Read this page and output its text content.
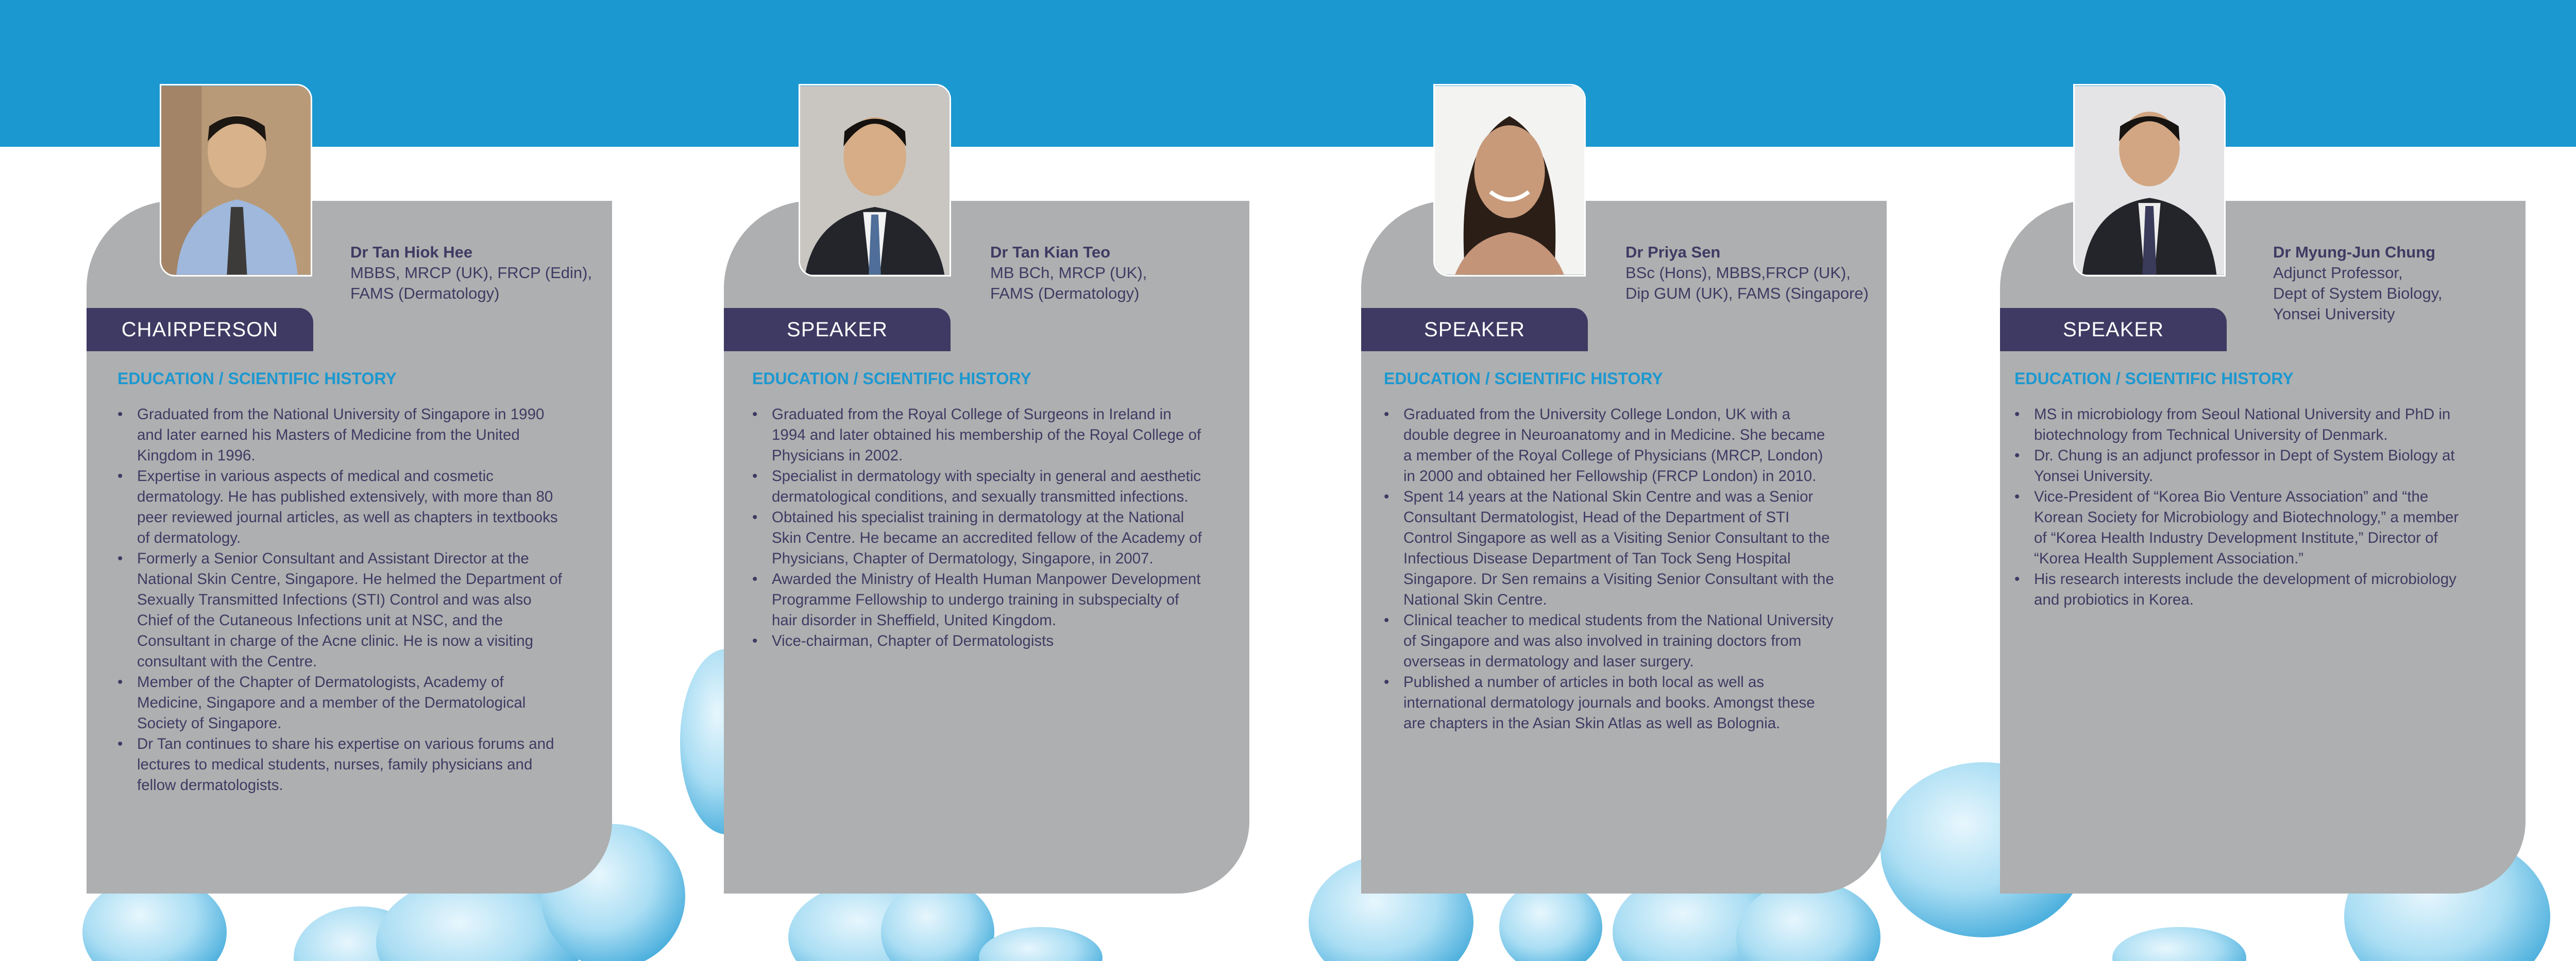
Dr Tan Hiok Hee
MBBS, MRCP (UK), FRCP (Edin),
FAMS (Dermatology)
CHAIRPERSON
EDUCATION / SCIENTIFIC HISTORY
• Graduated from the National University of Singapore in 1990 and later earned his Masters of Medicine from the United Kingdom in 1996.
• Expertise in various aspects of medical and cosmetic dermatology. He has published extensively, with more than 80 peer reviewed journal articles, as well as chapters in textbooks of dermatology.
• Formerly a Senior Consultant and Assistant Director at the National Skin Centre, Singapore. He helmed the Department of Sexually Transmitted Infections (STI) Control and was also Chief of the Cutaneous Infections unit at NSC, and the Consultant in charge of the Acne clinic. He is now a visiting consultant with the Centre.
• Member of the Chapter of Dermatologists, Academy of Medicine, Singapore and a member of the Dermatological Society of Singapore.
• Dr Tan continues to share his expertise on various forums and lectures to medical students, nurses, family physicians and fellow dermatologists.
Dr Tan Kian Teo
MB BCh, MRCP (UK),
FAMS (Dermatology)
SPEAKER
EDUCATION / SCIENTIFIC HISTORY
• Graduated from the Royal College of Surgeons in Ireland in 1994 and later obtained his membership of the Royal College of Physicians in 2002.
• Specialist in dermatology with specialty in general and aesthetic dermatological conditions, and sexually transmitted infections.
• Obtained his specialist training in dermatology at the National Skin Centre. He became an accredited fellow of the Academy of Physicians, Chapter of Dermatology, Singapore, in 2007.
• Awarded the Ministry of Health Human Manpower Development Programme Fellowship to undergo training in subspecialty of hair disorder in Sheffield, United Kingdom.
• Vice-chairman, Chapter of Dermatologists
Dr Priya Sen
BSc (Hons), MBBS,FRCP (UK),
Dip GUM (UK), FAMS (Singapore)
SPEAKER
EDUCATION / SCIENTIFIC HISTORY
• Graduated from the University College London, UK with a double degree in Neuroanatomy and in Medicine. She became a member of the Royal College of Physicians (MRCP, London) in 2000 and obtained her Fellowship (FRCP London) in 2010.
• Spent 14 years at the National Skin Centre and was a Senior Consultant Dermatologist, Head of the Department of STI Control Singapore as well as a Visiting Senior Consultant to the Infectious Disease Department of Tan Tock Seng Hospital Singapore. Dr Sen remains a Visiting Senior Consultant with the National Skin Centre.
• Clinical teacher to medical students from the National University of Singapore and was also involved in training doctors from overseas in dermatology and laser surgery.
• Published a number of articles in both local as well as international dermatology journals and books. Amongst these are chapters in the Asian Skin Atlas as well as Bolognia.
Dr Myung-Jun Chung
Adjunct Professor,
Dept of System Biology,
Yonsei University
SPEAKER
EDUCATION / SCIENTIFIC HISTORY
• MS in microbiology from Seoul National University and PhD in biotechnology from Technical University of Denmark.
• Dr. Chung is an adjunct professor in Dept of System Biology at Yonsei University.
• Vice-President of “Korea Bio Venture Association” and “the Korean Society for Microbiology and Biotechnology,” a member of “Korea Health Industry Development Institute,” Director of “Korea Health Supplement Association.”
• His research interests include the development of microbiology and probiotics in Korea.
